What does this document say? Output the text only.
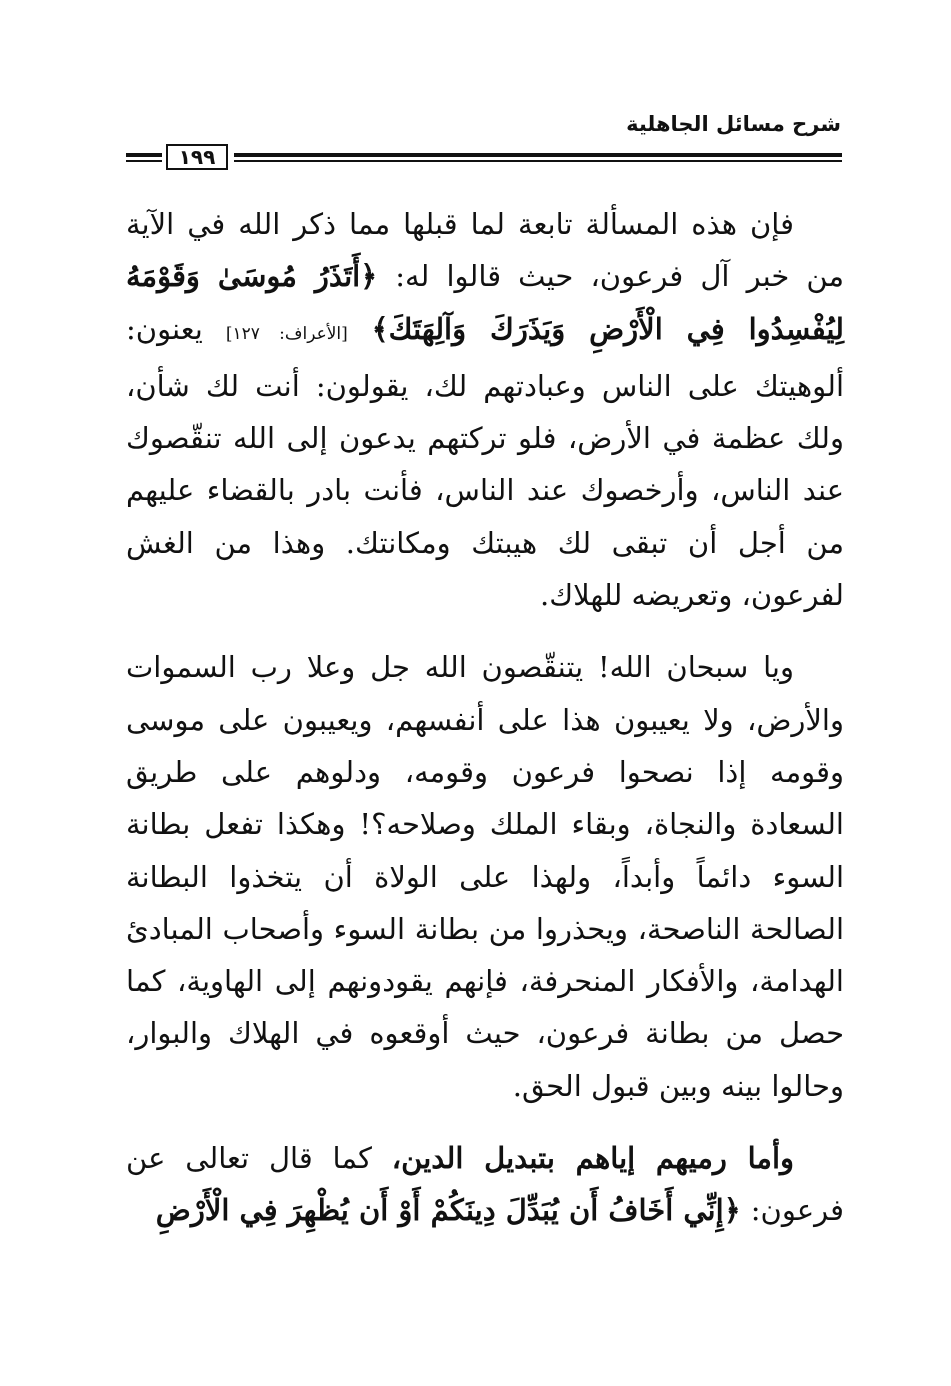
شرح مسائل الجاهلية
١٩٩

فإن هذه المسألة تابعة لما قبلها مما ذكر الله في الآية من خبر آل فرعون، حيث قالوا له: ﴿أَتَذَرُ مُوسَىٰ وَقَوْمَهُ لِيُفْسِدُوا فِي الْأَرْضِ وَيَذَرَكَ وَآلِهَتَكَ﴾ [الأعراف: ١٢٧] يعنون: ألوهيتك على الناس وعبادتهم لك، يقولون: أنت لك شأن، ولك عظمة في الأرض، فلو تركتهم يدعون إلى الله تنقّصوك عند الناس، وأرخصوك عند الناس، فأنت بادر بالقضاء عليهم من أجل أن تبقى لك هيبتك ومكانتك. وهذا من الغش لفرعون، وتعريضه للهلاك.

ويا سبحان الله! يتنقّصون الله جل وعلا رب السموات والأرض، ولا يعيبون هذا على أنفسهم، ويعيبون على موسى وقومه إذا نصحوا فرعون وقومه، ودلوهم على طريق السعادة والنجاة، وبقاء الملك وصلاحه؟! وهكذا تفعل بطانة السوء دائماً وأبداً، ولهذا على الولاة أن يتخذوا البطانة الصالحة الناصحة، ويحذروا من بطانة السوء وأصحاب المبادئ الهدامة، والأفكار المنحرفة، فإنهم يقودونهم إلى الهاوية، كما حصل من بطانة فرعون، حيث أوقعوه في الهلاك والبوار، وحالوا بينه وبين قبول الحق.

وأما رميهم إياهم بتبديل الدين، كما قال تعالى عن فرعون: ﴿إِنِّي أَخَافُ أَن يُبَدِّلَ دِينَكُمْ أَوْ أَن يُظْهِرَ فِي الْأَرْضِ
